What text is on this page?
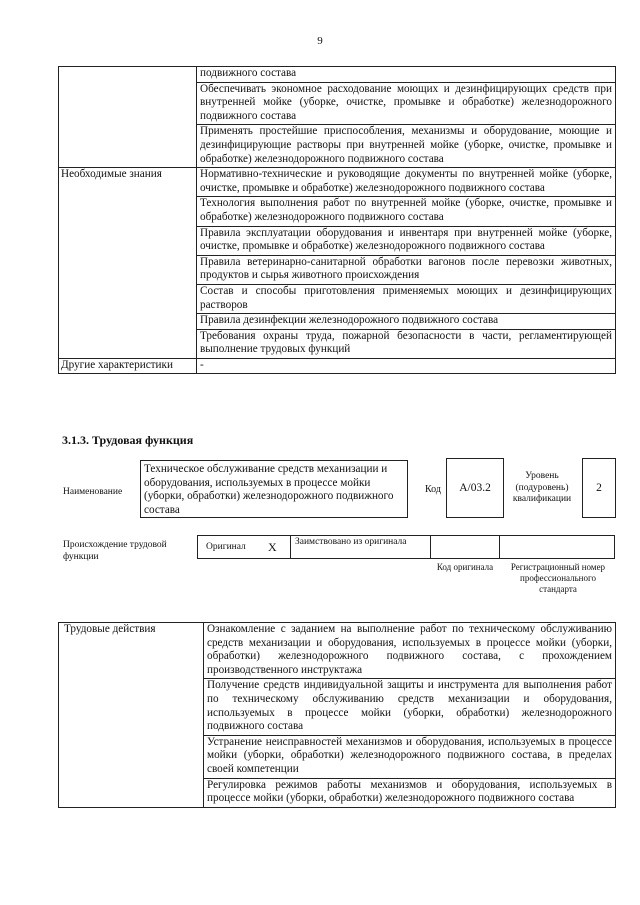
9
	подвижного состава
	Обеспечивать экономное расходование моющих и дезинфицирующих средств при внутренней мойке (уборке, очистке, промывке и обработке) железнодорожного подвижного состава
	Применять простейшие приспособления, механизмы и оборудование, моющие и дезинфицирующие растворы при внутренней мойке (уборке, очистке, промывке и обработке) железнодорожного подвижного состава
Необходимые знания	Нормативно-технические и руководящие документы по внутренней мойке (уборке, очистке, промывке и обработке) железнодорожного подвижного состава
	Технология выполнения работ по внутренней мойке (уборке, очистке, промывке и обработке) железнодорожного подвижного состава
	Правила эксплуатации оборудования и инвентаря при внутренней мойке (уборке, очистке, промывке и обработке) железнодорожного подвижного состава
	Правила ветеринарно-санитарной обработки вагонов после перевозки животных, продуктов и сырья животного происхождения
	Состав и способы приготовления применяемых моющих и дезинфицирующих растворов
	Правила дезинфекции железнодорожного подвижного состава
	Требования охраны труда, пожарной безопасности в части, регламентирующей выполнение трудовых функций
Другие характеристики	-
3.1.3. Трудовая функция
Наименование
Техническое обслуживание средств механизации и оборудования, используемых в процессе мойки (уборки, обработки) железнодорожного подвижного состава
Код	А/03.2
Уровень (подуровень) квалификации
2
Происхождение трудовой функции
Оригинал X Заимствовано из оригинала
Код оригинала	Регистрационный номер профессионального стандарта
Трудовые действия	Ознакомление с заданием на выполнение работ по техническому обслуживанию средств механизации и оборудования, используемых в процессе мойки (уборки, обработки) железнодорожного подвижного состава, с прохождением производственного инструктажа
Получение средств индивидуальной защиты и инструмента для выполнения работ по техническому обслуживанию средств механизации и оборудования, используемых в процессе мойки (уборки, обработки) железнодорожного подвижного состава
Устранение неисправностей механизмов и оборудования, используемых в процессе мойки (уборки, обработки) железнодорожного подвижного состава, в пределах своей компетенции
Регулировка режимов работы механизмов и оборудования, используемых в процессе мойки (уборки, обработки) железнодорожного подвижного состава
